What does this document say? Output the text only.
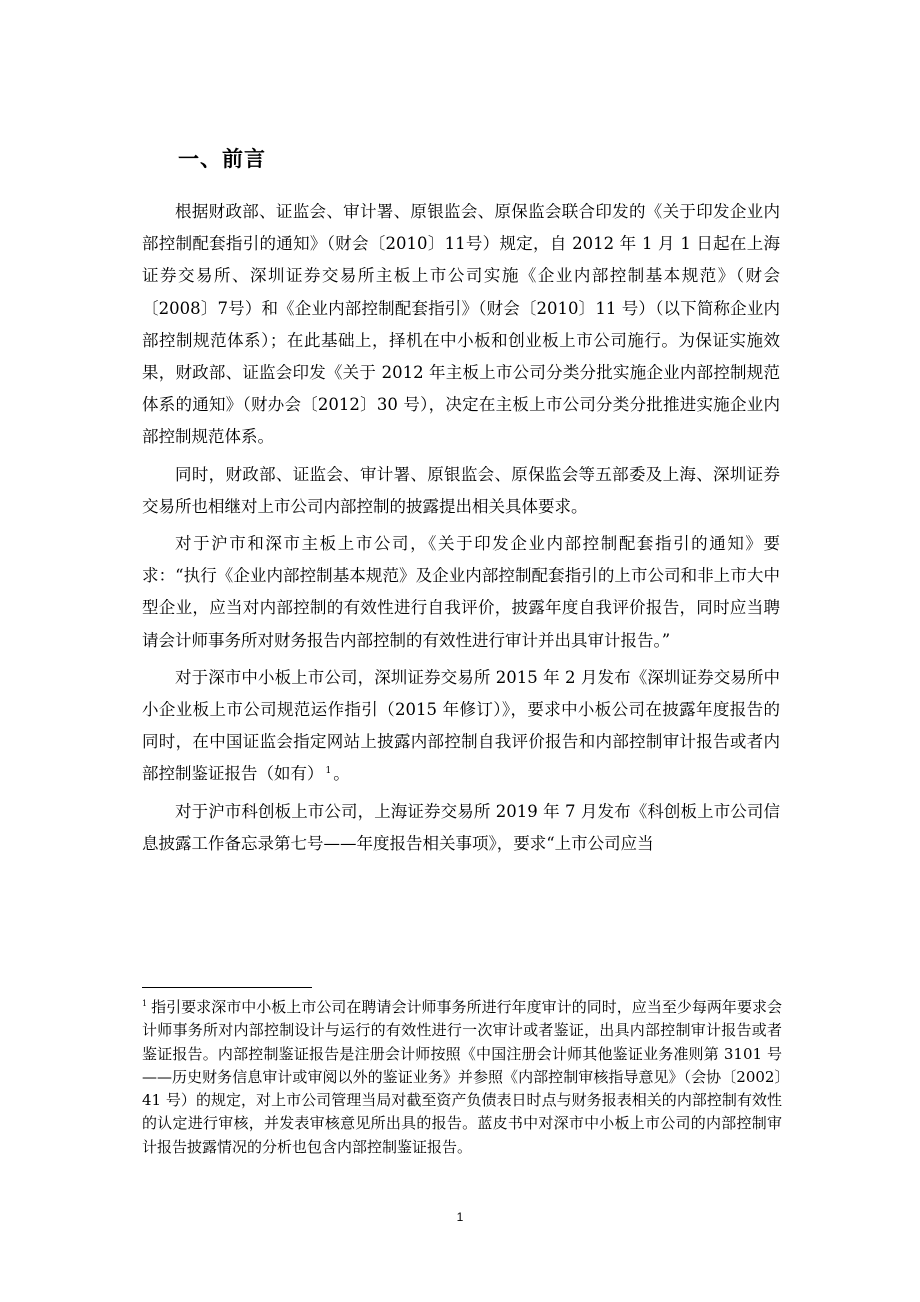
一、前言

根据财政部、证监会、审计署、原银监会、原保监会联合印发的《关于印发企业内部控制配套指引的通知》（财会〔2010〕11号）规定，自 2012 年 1 月 1 日起在上海证券交易所、深圳证券交易所主板上市公司实施《企业内部控制基本规范》（财会〔2008〕7号）和《企业内部控制配套指引》（财会〔2010〕11 号）（以下简称企业内部控制规范体系）；在此基础上，择机在中小板和创业板上市公司施行。为保证实施效果，财政部、证监会印发《关于 2012 年主板上市公司分类分批实施企业内部控制规范体系的通知》（财办会〔2012〕30 号），决定在主板上市公司分类分批推进实施企业内部控制规范体系。

同时，财政部、证监会、审计署、原银监会、原保监会等五部委及上海、深圳证券交易所也相继对上市公司内部控制的披露提出相关具体要求。

对于沪市和深市主板上市公司，《关于印发企业内部控制配套指引的通知》要求：“执行《企业内部控制基本规范》及企业内部控制配套指引的上市公司和非上市大中型企业，应当对内部控制的有效性进行自我评价，披露年度自我评价报告，同时应当聘请会计师事务所对财务报告内部控制的有效性进行审计并出具审计报告。”

对于深市中小板上市公司，深圳证券交易所 2015 年 2 月发布《深圳证券交易所中小企业板上市公司规范运作指引（2015 年修订）》，要求中小板公司在披露年度报告的同时，在中国证监会指定网站上披露内部控制自我评价报告和内部控制审计报告或者内部控制鉴证报告（如有） $^1$ 。

对于沪市科创板上市公司，上海证券交易所 2019 年 7 月发布《科创板上市公司信息披露工作备忘录第七号——年度报告相关事项》，要求“上市公司应当

$^1$ 指引要求深市中小板上市公司在聘请会计师事务所进行年度审计的同时，应当至少每两年要求会计师事务所对内部控制设计与运行的有效性进行一次审计或者鉴证，出具内部控制审计报告或者鉴证报告。内部控制鉴证报告是注册会计师按照《中国注册会计师其他鉴证业务准则第 3101 号——历史财务信息审计或审阅以外的鉴证业务》并参照《内部控制审核指导意见》（会协〔2002〕41 号）的规定，对上市公司管理当局对截至资产负债表日时点与财务报表相关的内部控制有效性的认定进行审核，并发表审核意见所出具的报告。蓝皮书中对深市中小板上市公司的内部控制审计报告披露情况的分析也包含内部控制鉴证报告。

1
